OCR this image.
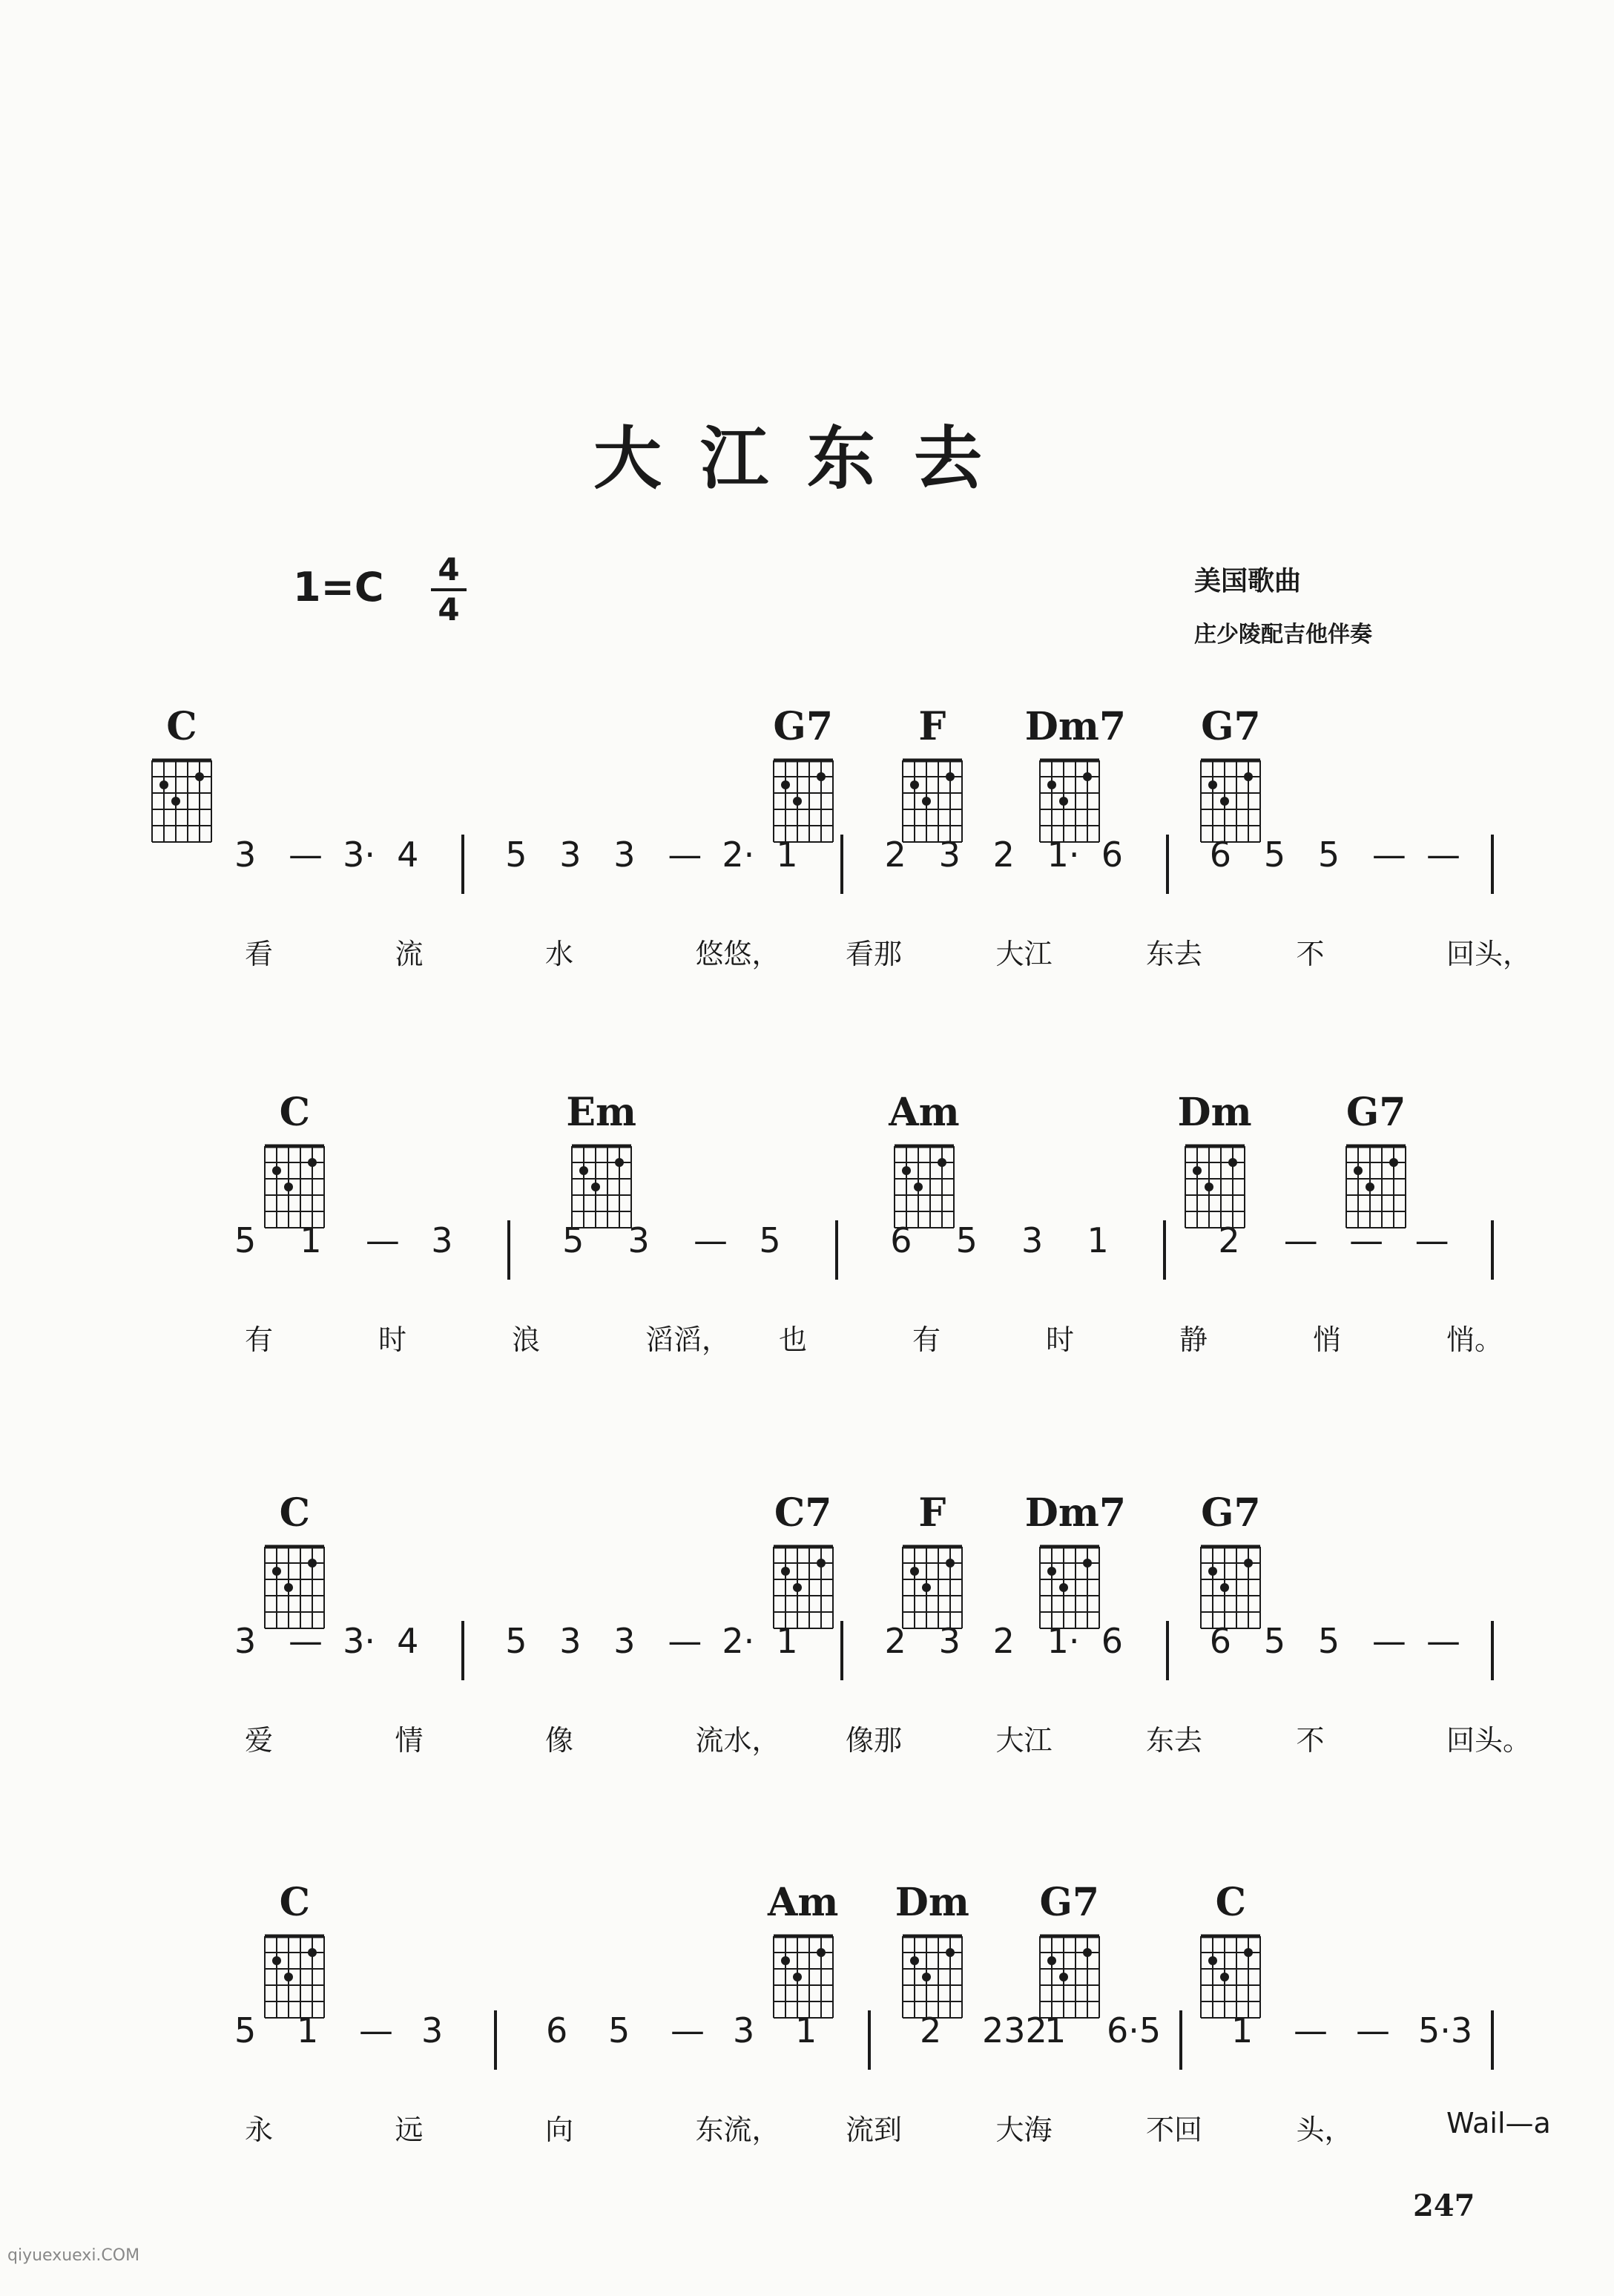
大江东去
1=C	4
4
美国歌曲
庄少陵配吉他伴奏
C	G7	F	Dm7	G7
3 — 3· 4	5 3 3 — 2· 1	2 3 2 1· 6	6 5 5 — —
看	流	水	悠悠， 看那	大江	东去	不	回头，
C	Em	Am	Dm	G7
5 1 — 3	5 3 — 5	6 5 3 1	2 — — —
有	时	浪	滔滔， 也	有	时	静	悄	悄。
C	C7	F	Dm7	G7
3 — 3· 4	5 3 3 — 2· 1	2 3 2 1· 6	6 5 5 — —
爱	情	像	流水， 像那	大江	东去	不	回头。
C	Am Dm	G7	C
5 1 — 3	6 5 — 3 1	2 232
1 6·5 1 — — 5·3
永	远	向	东流， 流到	大海	不回	头，	Wail—a
247
qiyuexuexi.COM
